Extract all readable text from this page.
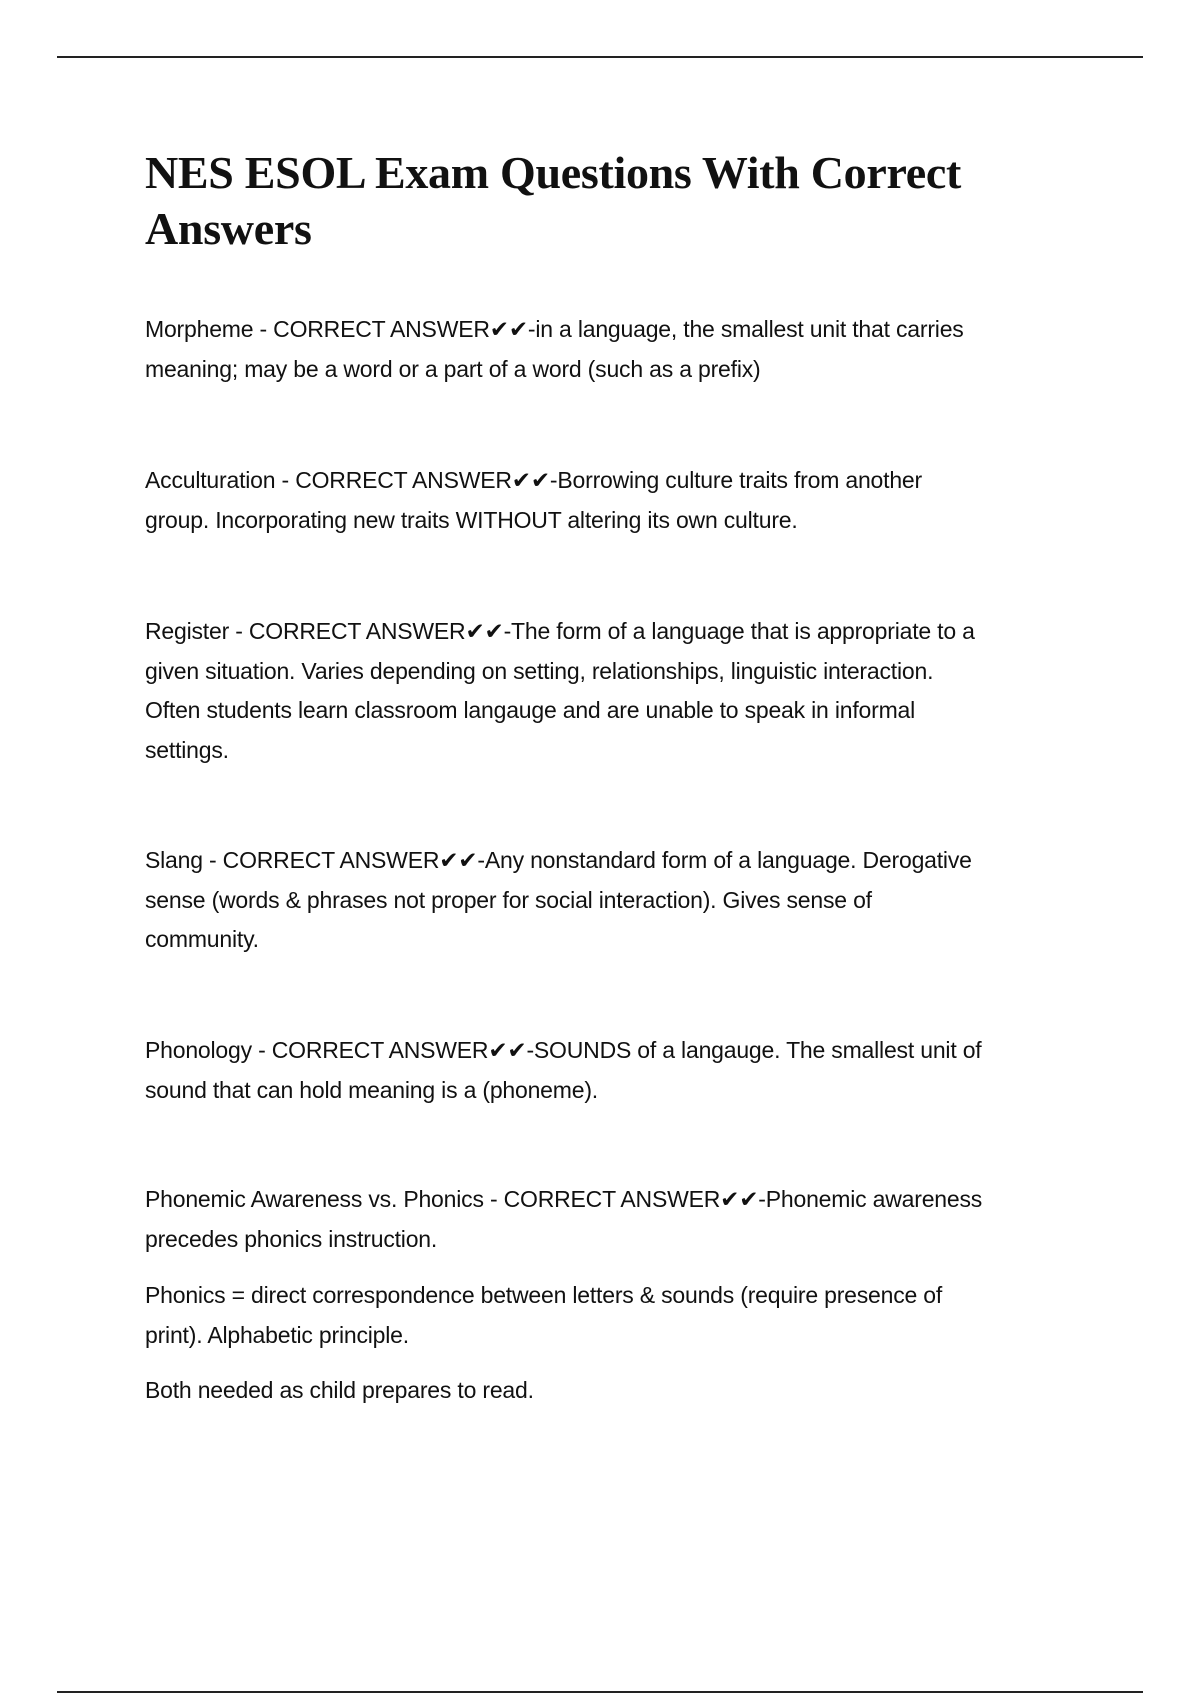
NES ESOL Exam Questions With Correct
Answers
Morpheme - CORRECT ANSWER✔✔-in a language, the smallest unit that carries
meaning; may be a word or a part of a word (such as a prefix)
Acculturation - CORRECT ANSWER✔✔-Borrowing culture traits from another
group. Incorporating new traits WITHOUT altering its own culture.
Register - CORRECT ANSWER✔✔-The form of a language that is appropriate to a
given situation. Varies depending on setting, relationships, linguistic interaction.
Often students learn classroom langauge and are unable to speak in informal
settings.
Slang - CORRECT ANSWER✔✔-Any nonstandard form of a language. Derogative
sense (words & phrases not proper for social interaction). Gives sense of
community.
Phonology - CORRECT ANSWER✔✔-SOUNDS of a langauge. The smallest unit of
sound that can hold meaning is a (phoneme).
Phonemic Awareness vs. Phonics - CORRECT ANSWER✔✔-Phonemic awareness
precedes phonics instruction.
Phonics = direct correspondence between letters & sounds (require presence of
print). Alphabetic principle.
Both needed as child prepares to read.
